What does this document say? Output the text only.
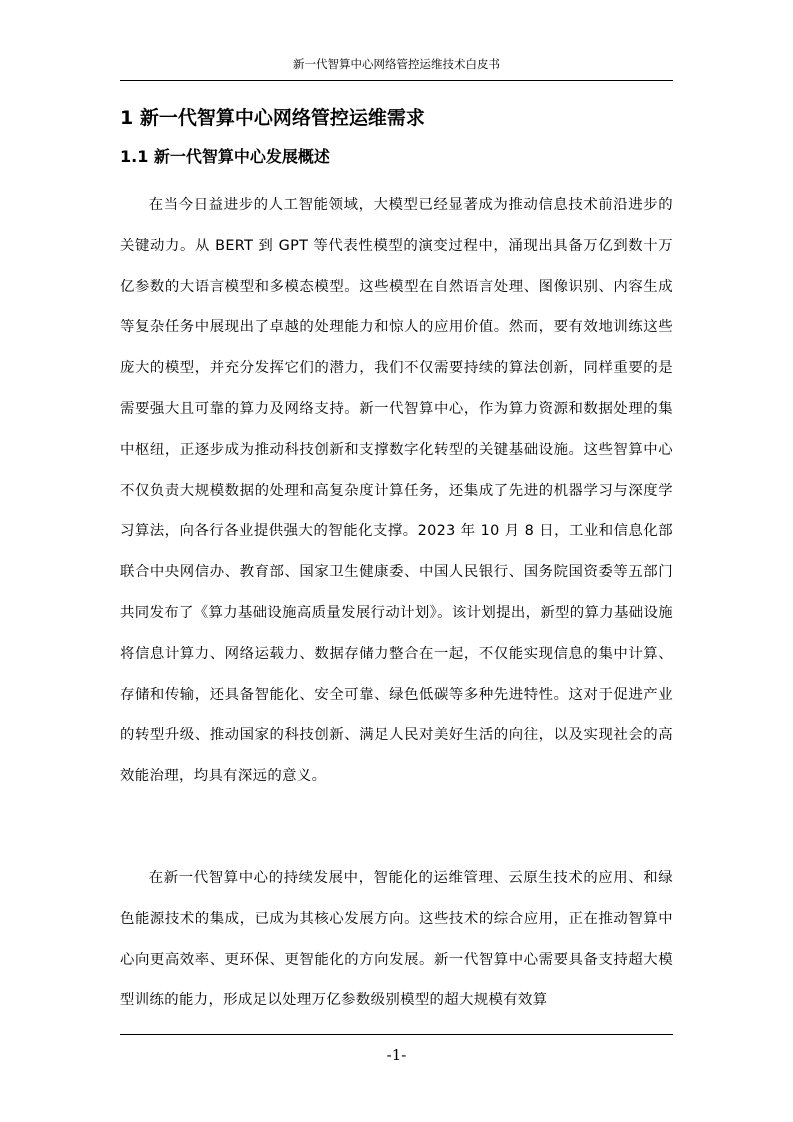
新一代智算中心网络管控运维技术白皮书
1 新一代智算中心网络管控运维需求
1.1 新一代智算中心发展概述

在当今日益进步的人工智能领域，大模型已经显著成为推动信息技术前沿进步的关键动力。从 BERT 到 GPT 等代表性模型的演变过程中，涌现出具备万亿到数十万亿参数的大语言模型和多模态模型。这些模型在自然语言处理、图像识别、内容生成等复杂任务中展现出了卓越的处理能力和惊人的应用价值。然而，要有效地训练这些庞大的模型，并充分发挥它们的潜力，我们不仅需要持续的算法创新，同样重要的是需要强大且可靠的算力及网络支持。新一代智算中心，作为算力资源和数据处理的集中枢纽，正逐步成为推动科技创新和支撑数字化转型的关键基础设施。这些智算中心不仅负责大规模数据的处理和高复杂度计算任务，还集成了先进的机器学习与深度学习算法，向各行各业提供强大的智能化支撑。2023 年 10 月 8 日，工业和信息化部联合中央网信办、教育部、国家卫生健康委、中国人民银行、国务院国资委等五部门共同发布了《算力基础设施高质量发展行动计划》。该计划提出，新型的算力基础设施将信息计算力、网络运载力、数据存储力整合在一起，不仅能实现信息的集中计算、存储和传输，还具备智能化、安全可靠、绿色低碳等多种先进特性。这对于促进产业的转型升级、推动国家的科技创新、满足人民对美好生活的向往，以及实现社会的高效能治理，均具有深远的意义。

在新一代智算中心的持续发展中，智能化的运维管理、云原生技术的应用、和绿色能源技术的集成，已成为其核心发展方向。这些技术的综合应用，正在推动智算中心向更高效率、更环保、更智能化的方向发展。新一代智算中心需要具备支持超大模型训练的能力，形成足以处理万亿参数级别模型的超大规模有效算

-1-
